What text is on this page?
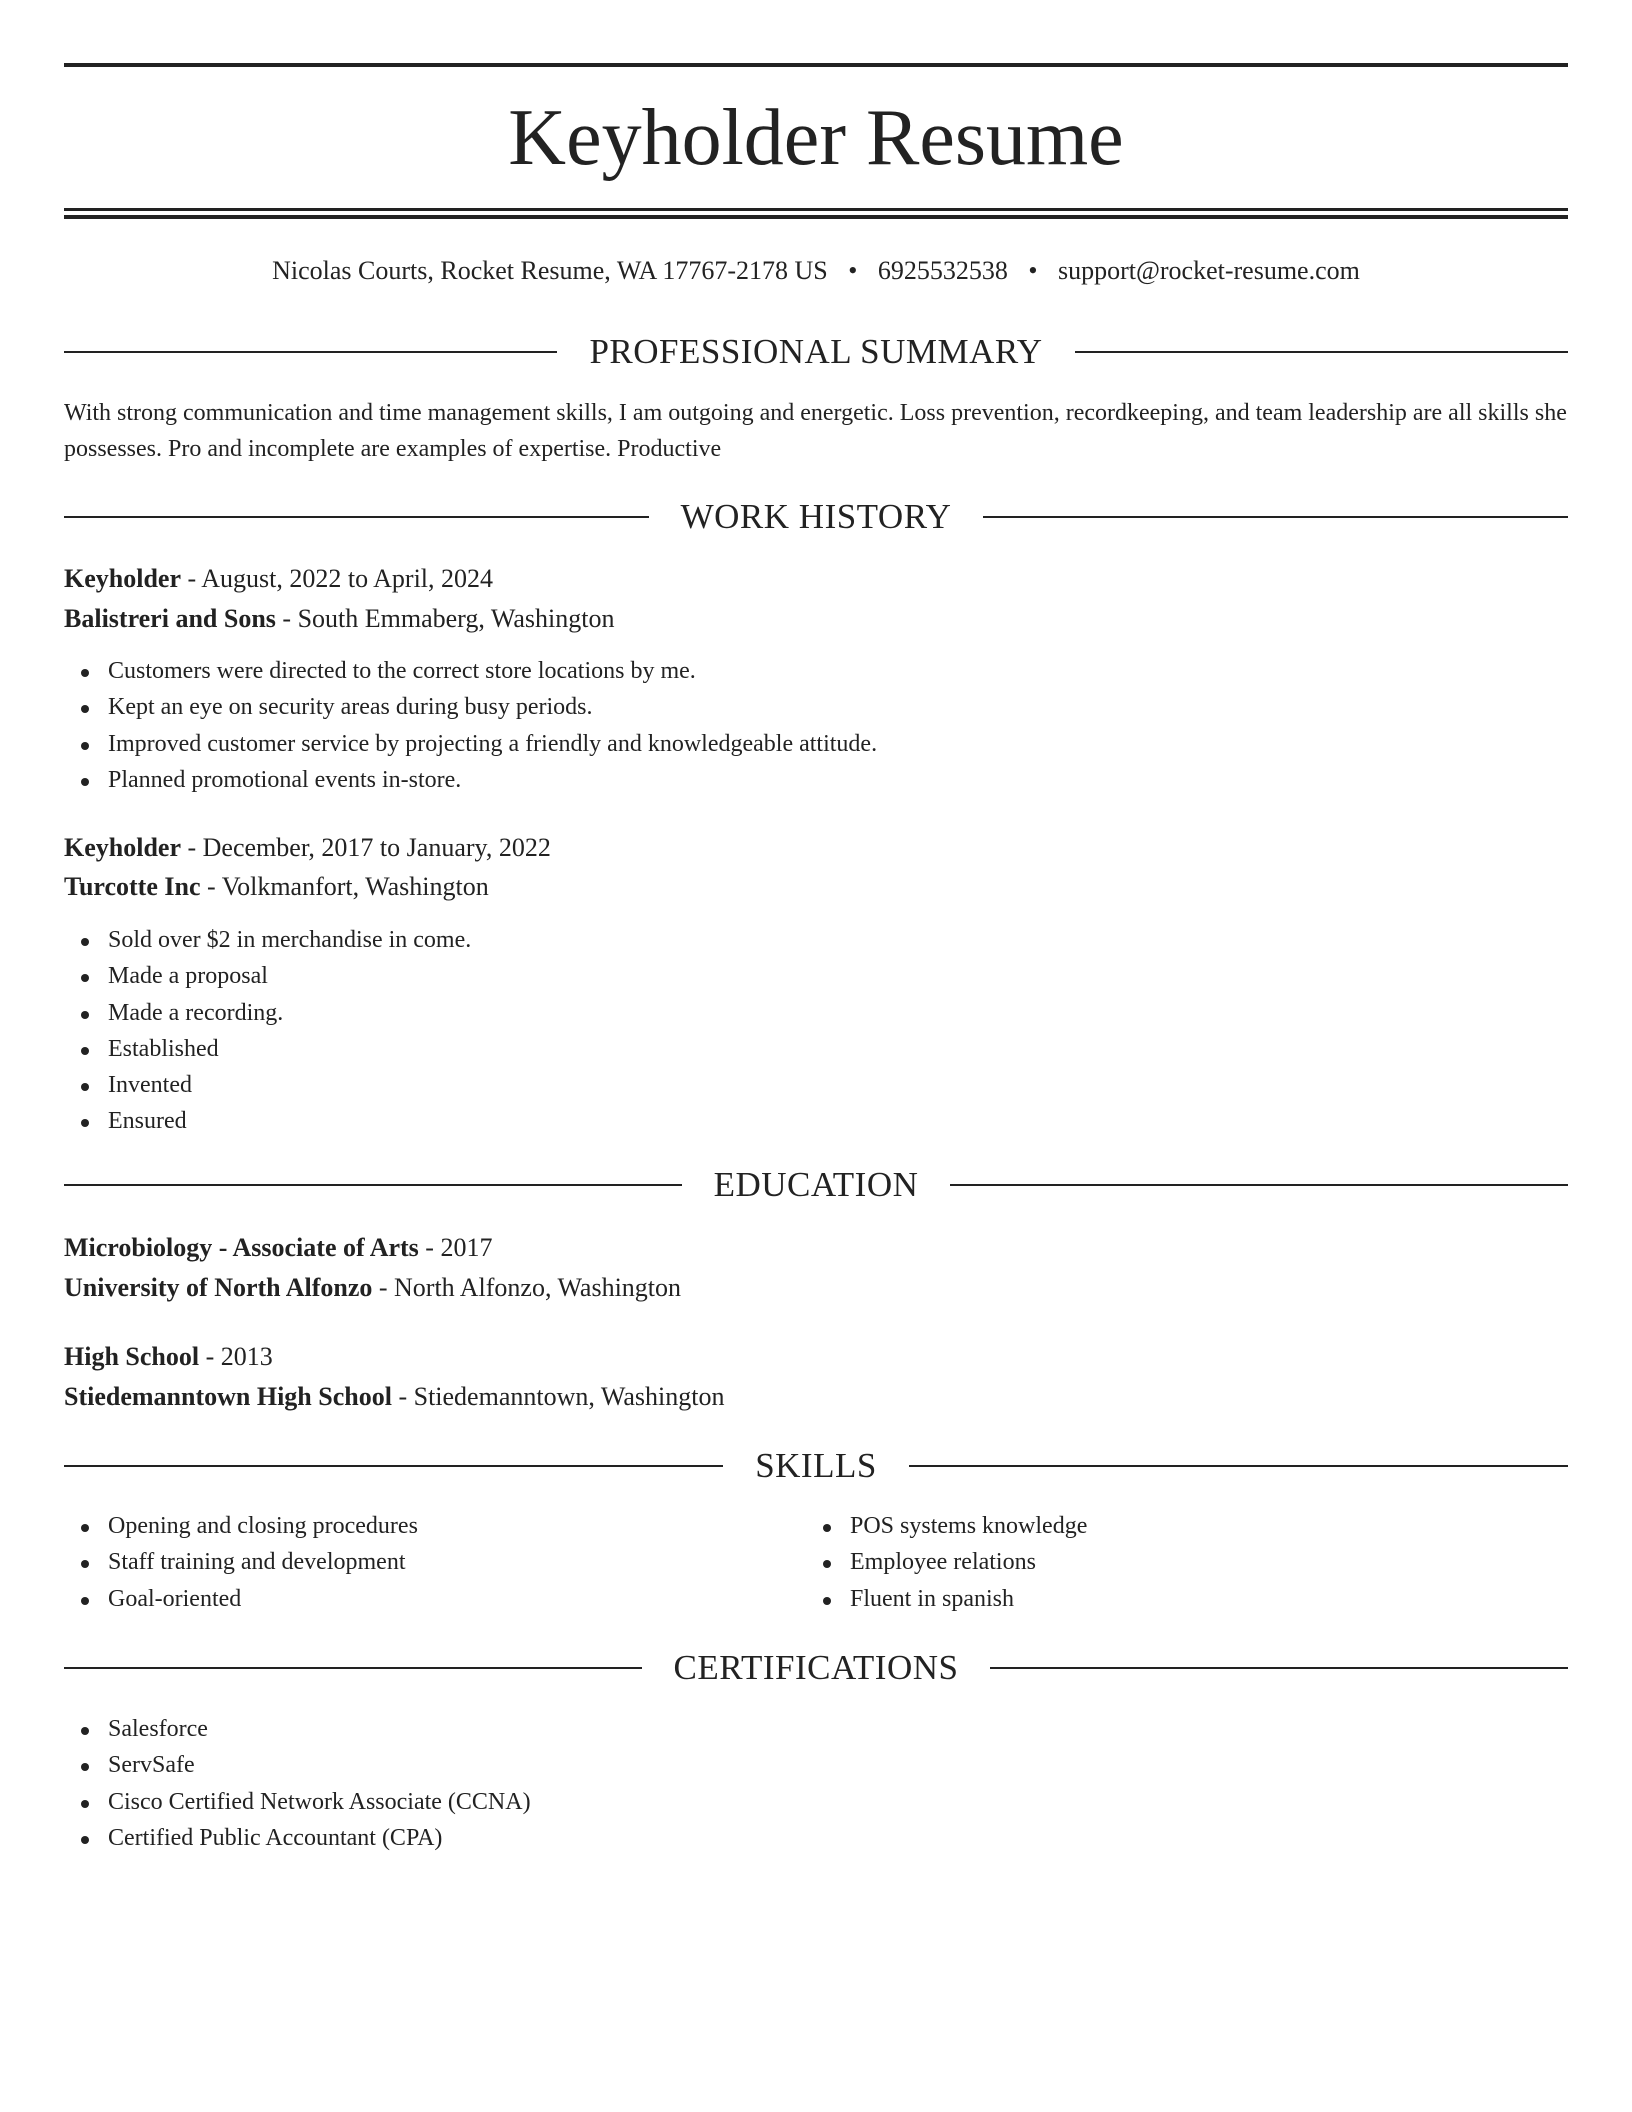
Keyholder Resume
Nicolas Courts, Rocket Resume, WA 17767-2178 US • 6925532538 • support@rocket-resume.com
PROFESSIONAL SUMMARY
With strong communication and time management skills, I am outgoing and energetic. Loss prevention, recordkeeping, and team leadership are all skills she possesses. Pro and incomplete are examples of expertise. Productive
WORK HISTORY
Keyholder - August, 2022 to April, 2024
Balistreri and Sons - South Emmaberg, Washington
Customers were directed to the correct store locations by me.
Kept an eye on security areas during busy periods.
Improved customer service by projecting a friendly and knowledgeable attitude.
Planned promotional events in-store.
Keyholder - December, 2017 to January, 2022
Turcotte Inc - Volkmanfort, Washington
Sold over $2 in merchandise in come.
Made a proposal
Made a recording.
Established
Invented
Ensured
EDUCATION
Microbiology - Associate of Arts - 2017
University of North Alfonzo - North Alfonzo, Washington
High School - 2013
Stiedemanntown High School - Stiedemanntown, Washington
SKILLS
Opening and closing procedures
Staff training and development
Goal-oriented
POS systems knowledge
Employee relations
Fluent in spanish
CERTIFICATIONS
Salesforce
ServSafe
Cisco Certified Network Associate (CCNA)
Certified Public Accountant (CPA)
